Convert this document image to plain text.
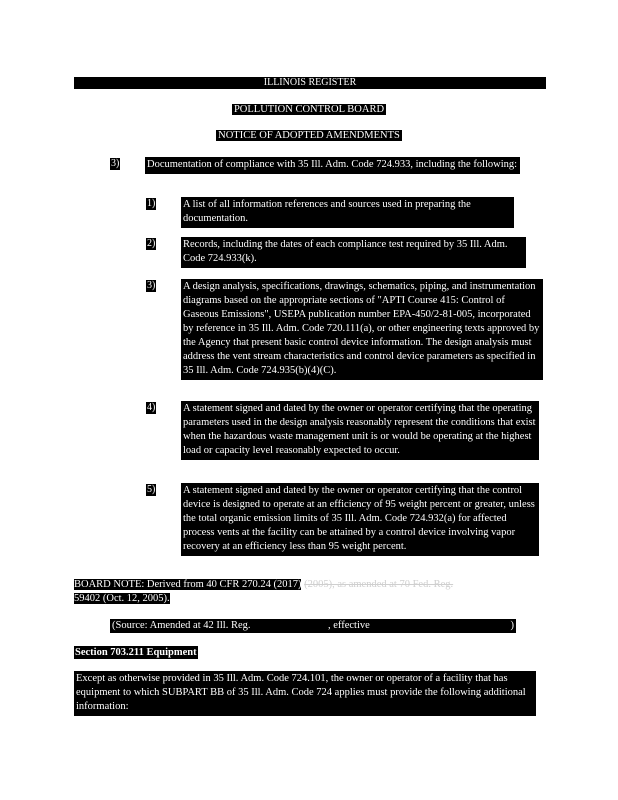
ILLINOIS REGISTER
POLLUTION CONTROL BOARD
NOTICE OF ADOPTED AMENDMENTS
3)	Documentation of compliance with 35 Ill. Adm. Code 724.933, including the following:
1)	A list of all information references and sources used in preparing the documentation.
2)	Records, including the dates of each compliance test required by 35 Ill. Adm. Code 724.933(k).
3)	A design analysis, specifications, drawings, schematics, piping, and instrumentation diagrams based on the appropriate sections of "APTI Course 415: Control of Gaseous Emissions", USEPA publication number EPA-450/2-81-005, incorporated by reference in 35 Ill. Adm. Code 720.111(a), or other engineering texts approved by the Agency that present basic control device information. The design analysis must address the vent stream characteristics and control device parameters as specified in 35 Ill. Adm. Code 724.935(b)(4)(C).
4)	A statement signed and dated by the owner or operator certifying that the operating parameters used in the design analysis reasonably represent the conditions that exist when the hazardous waste management unit is or would be operating at the highest load or capacity level reasonably expected to occur.
5)	A statement signed and dated by the owner or operator certifying that the control device is designed to operate at an efficiency of 95 weight percent or greater, unless the total organic emission limits of 35 Ill. Adm. Code 724.932(a) for affected process vents at the facility can be attained by a control device involving vapor recovery at an efficiency less than 95 weight percent.
BOARD NOTE: Derived from 40 CFR 270.24 (2017) (2005), as amended at 70 Fed. Reg.
59402 (Oct. 12, 2005).
(Source: Amended at 42 Ill. Reg.	, effective	)
Section 703.211 Equipment
Except as otherwise provided in 35 Ill. Adm. Code 724.101, the owner or operator of a facility that has equipment to which SUBPART BB of 35 Ill. Adm. Code 724 applies must provide the following additional information:
